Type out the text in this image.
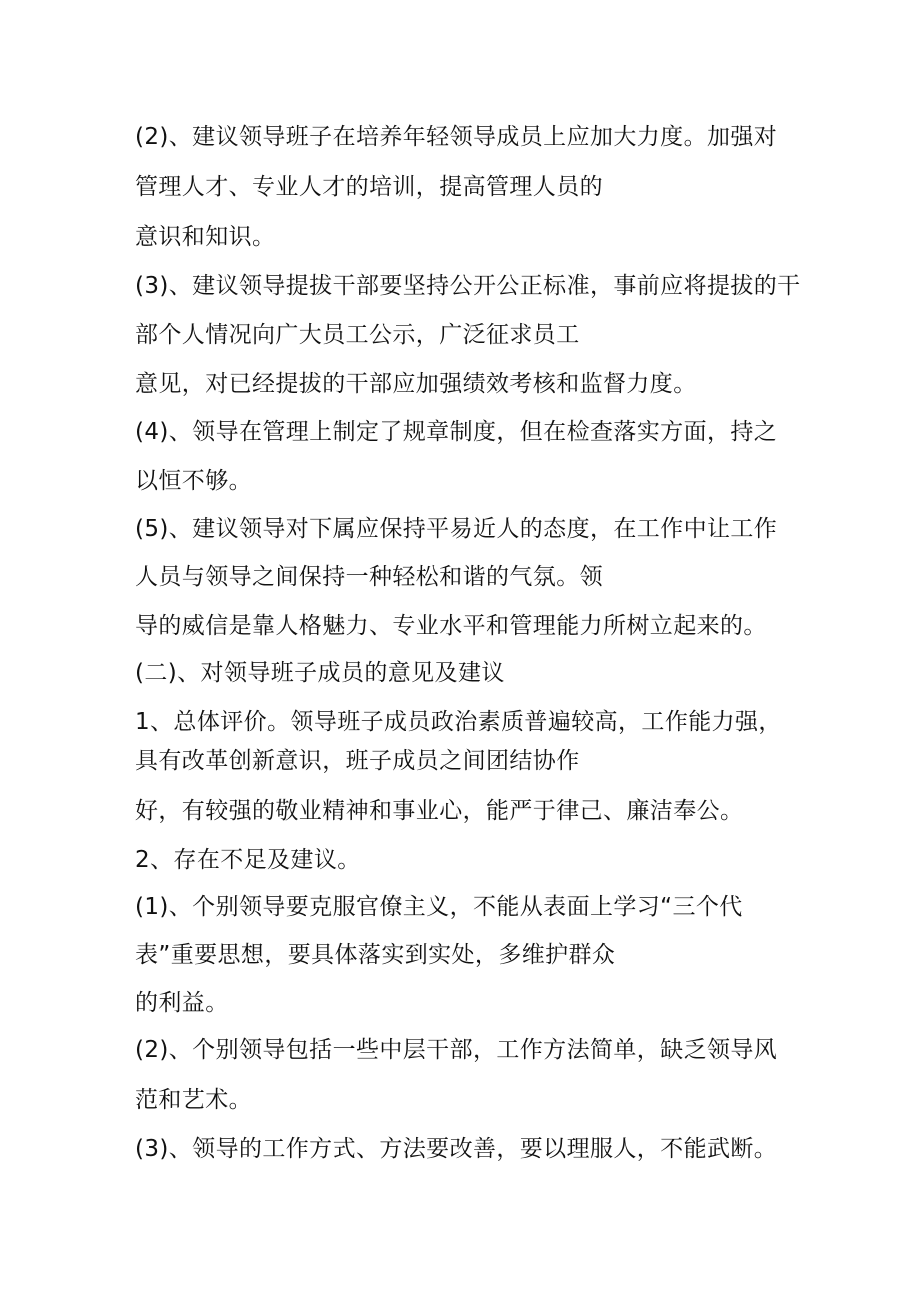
(2)、建议领导班子在培养年轻领导成员上应加大力度。加强对
管理人才、专业人才的培训，提高管理人员的
意识和知识。
(3)、建议领导提拔干部要坚持公开公正标准，事前应将提拔的干
部个人情况向广大员工公示，广泛征求员工
意见，对已经提拔的干部应加强绩效考核和监督力度。
(4)、领导在管理上制定了规章制度，但在检查落实方面，持之
以恒不够。
(5)、建议领导对下属应保持平易近人的态度，在工作中让工作
人员与领导之间保持一种轻松和谐的气氛。领
导的威信是靠人格魅力、专业水平和管理能力所树立起来的。
(二)、对领导班子成员的意见及建议
1、总体评价。领导班子成员政治素质普遍较高，工作能力强，
具有改革创新意识，班子成员之间团结协作
好，有较强的敬业精神和事业心，能严于律己、廉洁奉公。
2、存在不足及建议。
(1)、个别领导要克服官僚主义，不能从表面上学习“三个代
表”重要思想，要具体落实到实处，多维护群众
的利益。
(2)、个别领导包括一些中层干部，工作方法简单，缺乏领导风
范和艺术。
(3)、领导的工作方式、方法要改善，要以理服人，不能武断。
